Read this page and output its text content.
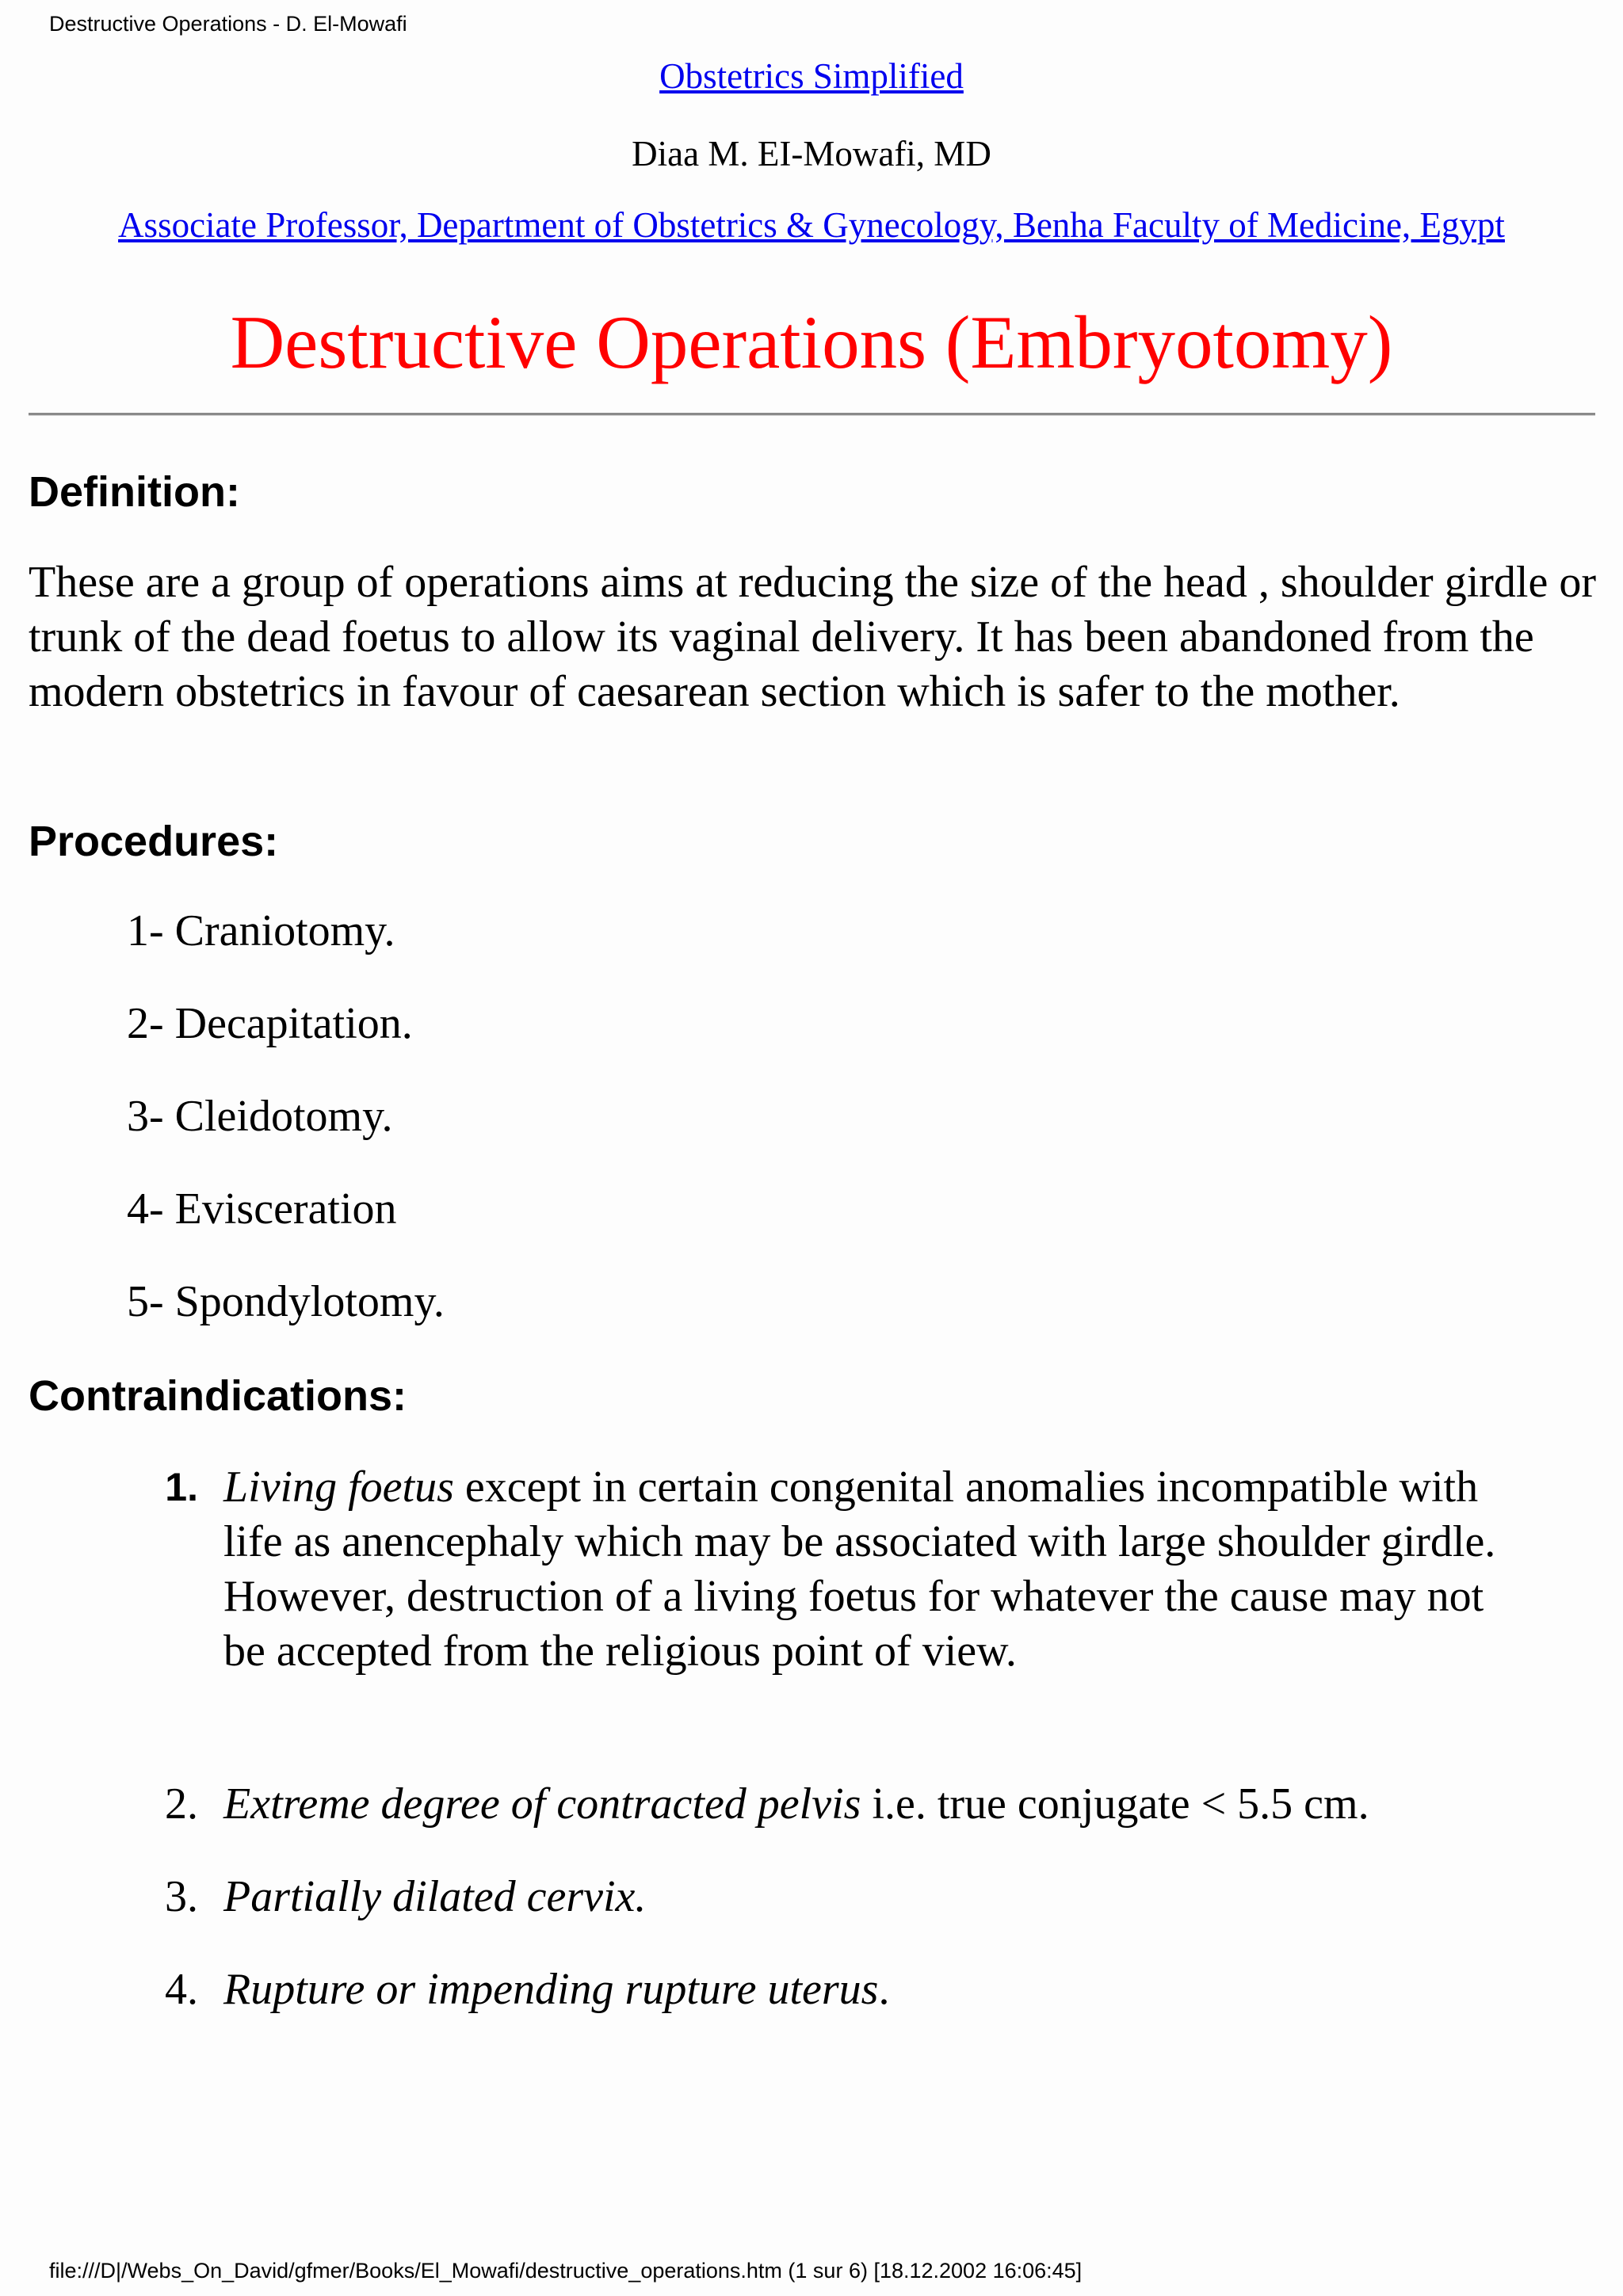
Destructive Operations - D. El-Mowafi
Obstetrics Simplified
Diaa M. EI-Mowafi, MD
Associate Professor, Department of Obstetrics & Gynecology, Benha Faculty of Medicine, Egypt
Destructive Operations (Embryotomy)
Definition:

These are a group of operations aims at reducing the size of the head , shoulder girdle or trunk of the dead foetus to allow its vaginal delivery. It has been abandoned from the modern obstetrics in favour of caesarean section which is safer to the mother.

Procedures:
1- Craniotomy.
2- Decapitation.
3- Cleidotomy.
4- Evisceration
5- Spondylotomy.
Contraindications:
1. Living foetus except in certain congenital anomalies incompatible with life as anencephaly which may be associated with large shoulder girdle. However, destruction of a living foetus for whatever the cause may not be accepted from the religious point of view.
2. Extreme degree of contracted pelvis i.e. true conjugate < 5.5 cm.
3. Partially dilated cervix.
4. Rupture or impending rupture uterus.
file:///D|/Webs_On_David/gfmer/Books/El_Mowafi/destructive_operations.htm (1 sur 6) [18.12.2002 16:06:45]
